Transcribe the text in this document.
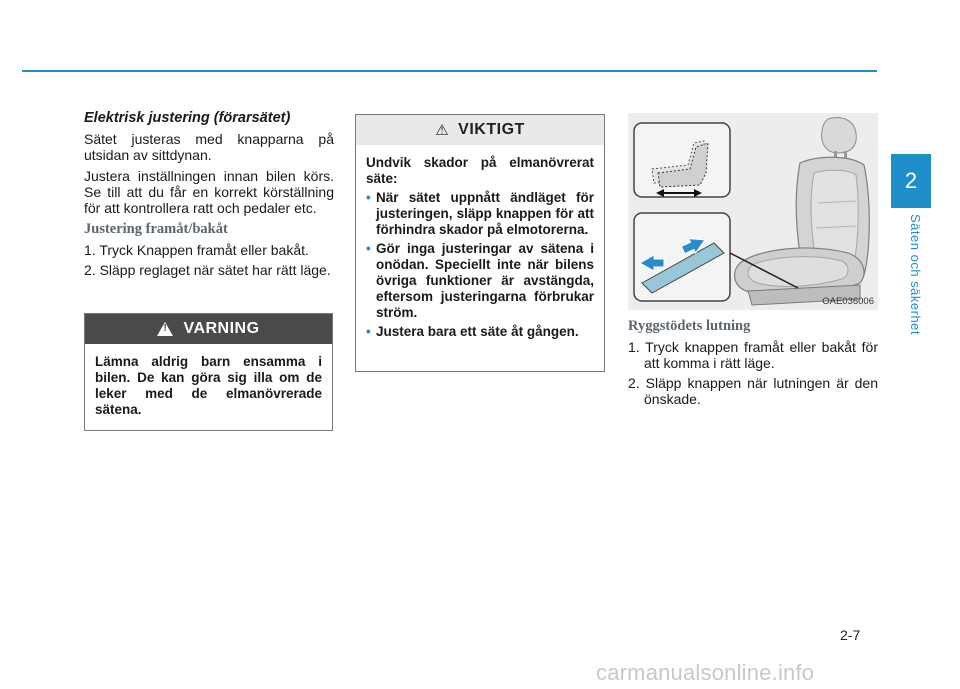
2
Säten och säkerhet
Elektrisk justering (förarsätet)
Sätet justeras med knapparna på utsidan av sittdynan.
Justera inställningen innan bilen körs. Se till att du får en korrekt körställning för att kontrollera ratt och pedaler etc.
Justering framåt/bakåt
1. Tryck Knappen framåt eller bakåt.
2. Släpp reglaget när sätet har rätt läge.
!
VARNING
Lämna aldrig barn ensamma i bilen. De kan göra sig illa om de leker med de elmanövrerade sätena.
⚠ VIKTIGT
Undvik skador på elmanövrerat säte:
• När sätet uppnått ändläget för justeringen, släpp knappen för att förhindra skador på elmotorerna.
• Gör inga justeringar av sätena i onödan. Speciellt inte när bilens övriga funktioner är avstängda, eftersom justeringarna förbrukar ström.
• Justera bara ett säte åt gången.
OAE036006
Ryggstödets lutning
1. Tryck knappen framåt eller bakåt för att komma i rätt läge.
2. Släpp knappen när lutningen är den önskade.
2-7
carmanualsonline.info
